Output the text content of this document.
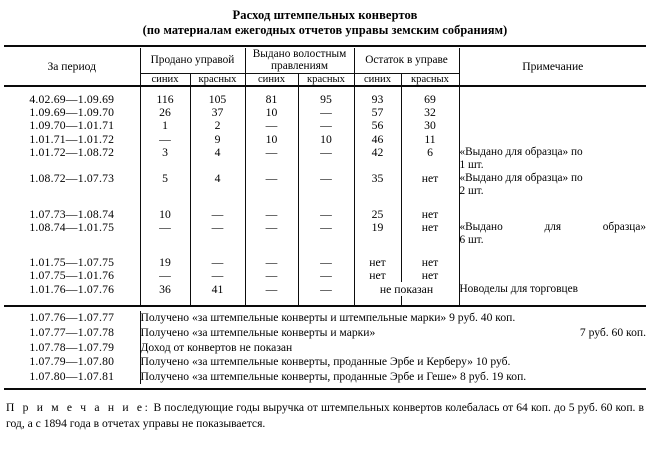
Расход штемпельных конвертов
(по материалам ежегодных отчетов управы земским собраниям)
За период	Продано управой		Выдано волостным правлениям		Остаток в управе		Примечание
	синих	красных	синих	красных	синих	красных	

4.02.69—1.09.69	116	105	81	95	93	69	
1.09.69—1.09.70	26	37	10	—	57	32	
1.09.70—1.01.71	1	2	—	—	56	30	
1.01.71—1.01.72	—	9	10	10	46	11	
1.01.72—1.08.72	3	4	—	—	42	6	«Выдано для образца» по
							1 шт.
1.08.72—1.07.73	5	4	—	—	35	нет	«Выдано для образца» по
							2 шт.

1.07.73—1.08.74	10	—	—	—	25	нет	
1.08.74—1.01.75	—	—	—	—	19	нет	«Выдано для образца»
							6 шт.

1.01.75—1.07.75	19	—	—	—	нет	нет	
1.07.75—1.01.76	—	—	—	—	нет	нет	
1.01.76—1.07.76	36	41	—	—	не показан		Новоделы для торговцев

1.07.76—1.07.77	Получено «за штемпельные конверты и штемпельные марки» 9 руб. 40 коп.
1.07.77—1.07.78	Получено «за штемпельные конверты и марки» 7 руб. 60 коп.

1.07.78—1.07.79	Доход от конвертов не показан
1.07.79—1.07.80	Получено «за штемпельные конверты, проданные Эрбе и Керберу» 10 руб.
1.07.80—1.07.81	Получено «за штемпельные конверты, проданные Эрбе и Геше» 8 руб. 19 коп.
П р и м е ч а н и е: В последующие годы выручка от штемпельных конвертов колебалась от 64 коп. до 5 руб. 60 коп. в год, а с 1894 года в отчетах управы не показывается.
